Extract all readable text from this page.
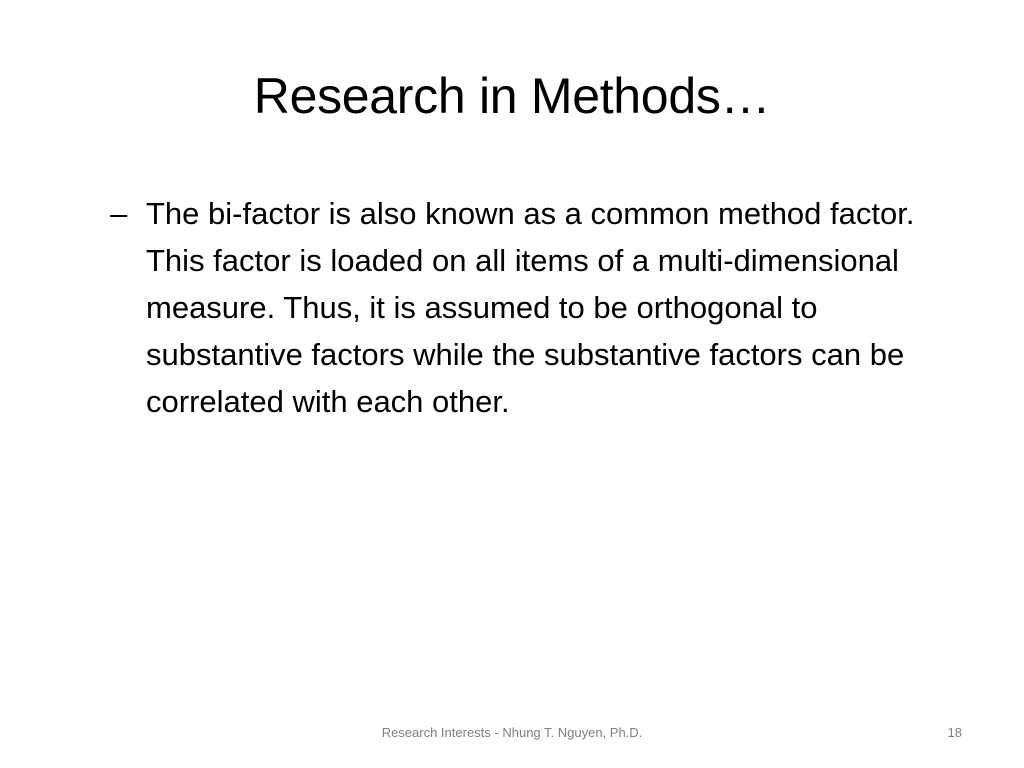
Research in Methods…
– The bi-factor is also known as a common method factor. This factor is loaded on all items of a multi-dimensional measure. Thus, it is assumed to be orthogonal to substantive factors while the substantive factors can be correlated with each other.
Research Interests - Nhung T. Nguyen, Ph.D.	18
